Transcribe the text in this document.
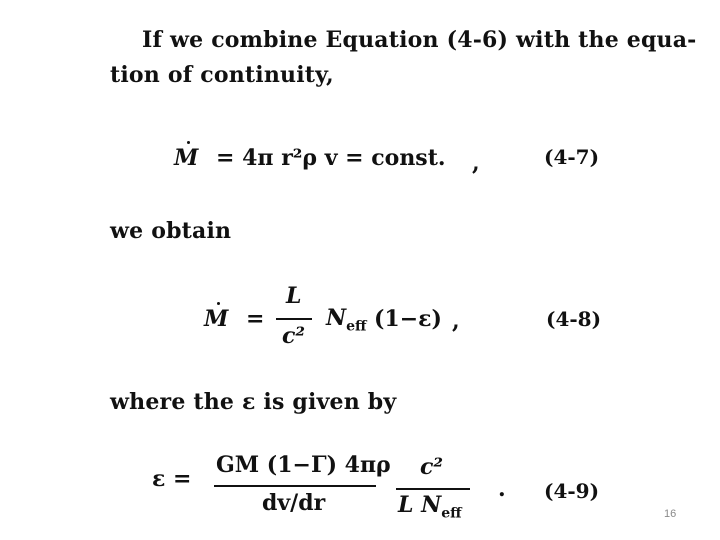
If we combine Equation (4-6) with the equa-
tion of continuity,
M = 4π r²ρ v = const. ,	(4-7)
we obtain
M =
L
c²
$N_{eff}$ (1−ε) ,	(4-8)
where the ε is given by
ε =
GM (1−Γ) 4πρ
dv/dr
c²
L $N_{eff}$
. (4-9)
16
